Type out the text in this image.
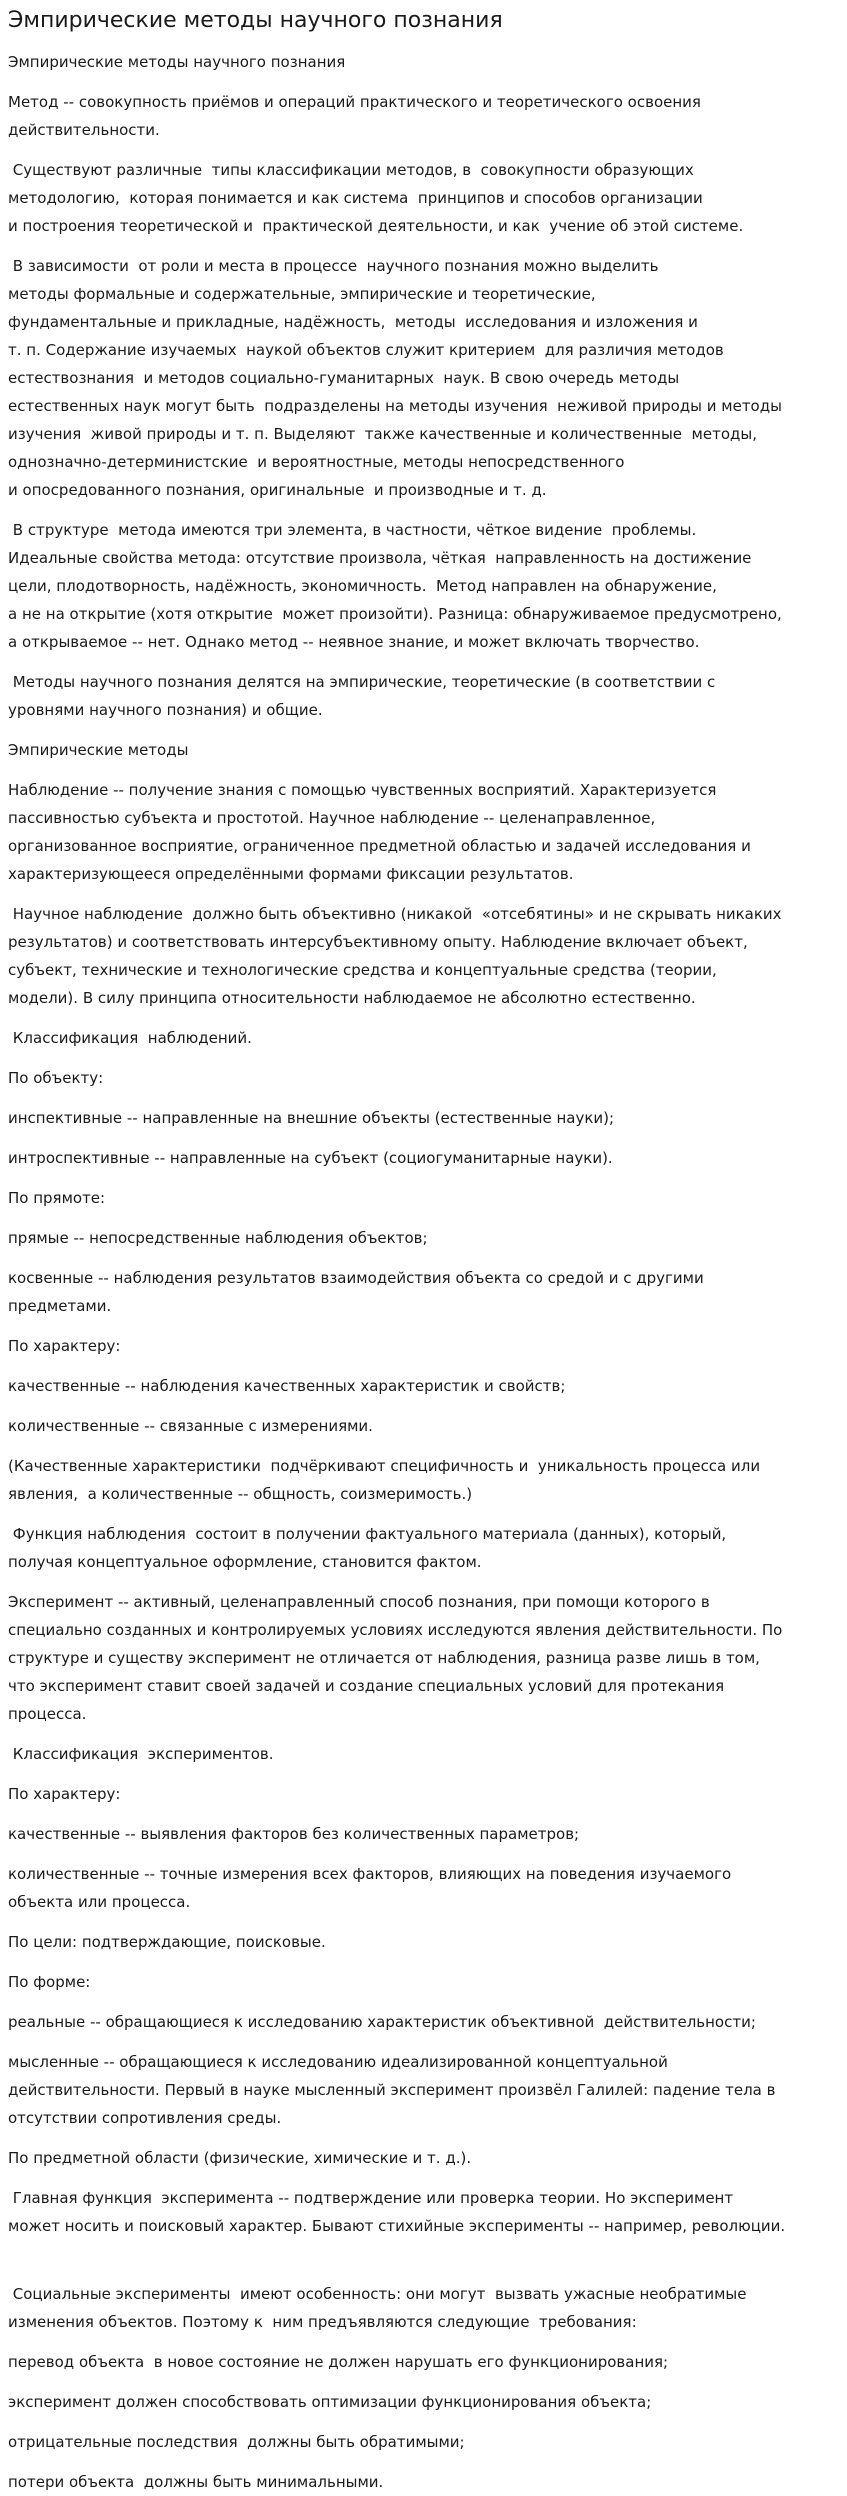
Эмпирические методы научного познания

Эмпирические методы научного познания

Метод -- совокупность приёмов и операций практического и теоретического освоения
действительности.

Существуют различные  типы классификации методов, в  совокупности образующих
методологию,  которая понимается и как система  принципов и способов организации
и построения теоретической и  практической деятельности, и как  учение об этой системе.

В зависимости  от роли и места в процессе  научного познания можно выделить
методы формальные и содержательные, эмпирические и теоретические,
фундаментальные и прикладные, надёжность,  методы  исследования и изложения и
т. п. Содержание изучаемых  наукой объектов служит критерием  для различия методов
естествознания  и методов социально-гуманитарных  наук. В свою очередь методы
естественных наук могут быть  подразделены на методы изучения  неживой природы и методы
изучения  живой природы и т. п. Выделяют  также качественные и количественные  методы,
однозначно-детерминистские  и вероятностные, методы непосредственного
и опосредованного познания, оригинальные  и производные и т. д.

В структуре  метода имеются три элемента, в частности, чёткое видение  проблемы.
Идеальные свойства метода: отсутствие произвола, чёткая  направленность на достижение
цели, плодотворность, надёжность, экономичность.  Метод направлен на обнаружение,
а не на открытие (хотя открытие  может произойти). Разница: обнаруживаемое предусмотрено,
а открываемое -- нет. Однако метод -- неявное знание, и может включать творчество.

Методы научного познания делятся на эмпирические, теоретические (в соответствии с
уровнями научного познания) и общие.

Эмпирические методы

Наблюдение -- получение знания с помощью чувственных восприятий. Характеризуется
пассивностью субъекта и простотой. Научное наблюдение -- целенаправленное,
организованное восприятие, ограниченное предметной областью и задачей исследования и
характеризующееся определёнными формами фиксации результатов.

Научное наблюдение  должно быть объективно (никакой  «отсебятины» и не скрывать никаких
результатов) и соответствовать интерсубъективному опыту. Наблюдение включает объект,
субъект, технические и технологические средства и концептуальные средства (теории,
модели). В силу принципа относительности наблюдаемое не абсолютно естественно.

Классификация  наблюдений.

По объекту:

инспективные -- направленные на внешние объекты (естественные науки);

интроспективные -- направленные на субъект (социогуманитарные науки).

По прямоте:

прямые -- непосредственные наблюдения объектов;

косвенные -- наблюдения результатов взаимодействия объекта со средой и с другими
предметами.

По характеру:

качественные -- наблюдения качественных характеристик и свойств;

количественные -- связанные с измерениями.

(Качественные характеристики  подчёркивают специфичность и  уникальность процесса или
явления,  а количественные -- общность, соизмеримость.)

Функция наблюдения  состоит в получении фактуального материала (данных), который,
получая концептуальное оформление, становится фактом.

Эксперимент -- активный, целенаправленный способ познания, при помощи которого в
специально созданных и контролируемых условиях исследуются явления действительности. По
структуре и существу эксперимент не отличается от наблюдения, разница разве лишь в том,
что эксперимент ставит своей задачей и создание специальных условий для протекания
процесса.

Классификация  экспериментов.

По характеру:

качественные -- выявления факторов без количественных параметров;

количественные -- точные измерения всех факторов, влияющих на поведения изучаемого
объекта или процесса.

По цели: подтверждающие, поисковые.

По форме:

реальные -- обращающиеся к исследованию характеристик объективной  действительности;

мысленные -- обращающиеся к исследованию идеализированной концептуальной
действительности. Первый в науке мысленный эксперимент произвёл Галилей: падение тела в
отсутствии сопротивления среды.

По предметной области (физические, химические и т. д.).

Главная функция  эксперимента -- подтверждение или проверка теории. Но эксперимент
может носить и поисковый характер. Бывают стихийные эксперименты -- например, революции.

Социальные эксперименты  имеют особенность: они могут  вызвать ужасные необратимые
изменения объектов. Поэтому к  ним предъявляются следующие  требования:

перевод объекта  в новое состояние не должен нарушать его функционирования;

эксперимент должен способствовать оптимизации функционирования объекта;

отрицательные последствия  должны быть обратимыми;

потери объекта  должны быть минимальными.
